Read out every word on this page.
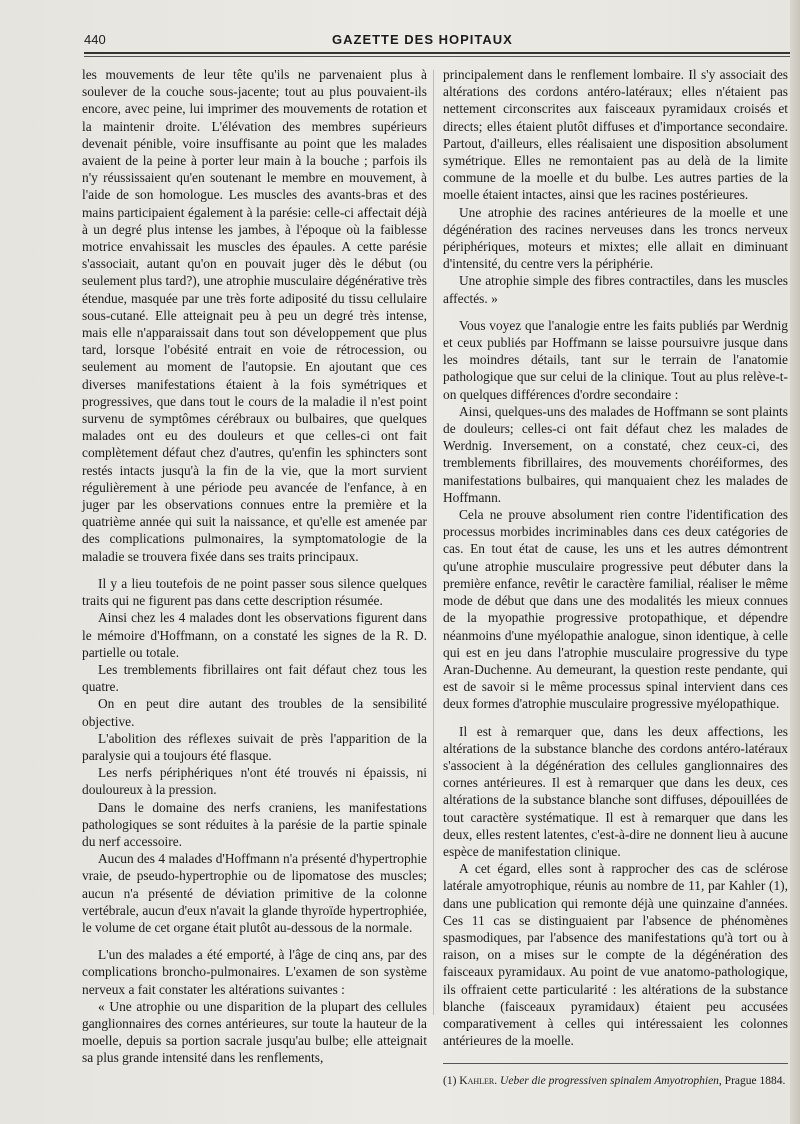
440	GAZETTE DES HOPITAUX

les mouvements de leur tête qu'ils ne parvenaient plus à soulever de la couche sous-jacente; tout au plus pouvaient-ils encore, avec peine, lui imprimer des mouvements de rotation et la maintenir droite. L'élévation des membres supérieurs devenait pénible, voire insuffisante au point que les malades avaient de la peine à porter leur main à la bouche ; parfois ils n'y réussissaient qu'en soutenant le membre en mouvement, à l'aide de son homologue. Les muscles des avants-bras et des mains participaient également à la parésie: celle-ci affectait déjà à un degré plus intense les jambes, à l'époque où la faiblesse motrice envahissait les muscles des épaules. A cette parésie s'associait, autant qu'on en pouvait juger dès le début (ou seulement plus tard?), une atrophie musculaire dégénérative très étendue, masquée par une très forte adiposité du tissu cellulaire sous-cutané. Elle atteignait peu à peu un degré très intense, mais elle n'apparaissait dans tout son développement que plus tard, lorsque l'obésité entrait en voie de rétrocession, ou seulement au moment de l'autopsie. En ajoutant que ces diverses manifestations étaient à la fois symétriques et progressives, que dans tout le cours de la maladie il n'est point survenu de symptômes cérébraux ou bulbaires, que quelques malades ont eu des douleurs et que celles-ci ont fait complètement défaut chez d'autres, qu'enfin les sphincters sont restés intacts jusqu'à la fin de la vie, que la mort survient régulièrement à une période peu avancée de l'enfance, à en juger par les observations connues entre la première et la quatrième année qui suit la naissance, et qu'elle est amenée par des complications pulmonaires, la symptomatologie de la maladie se trouvera fixée dans ses traits principaux.

Il y a lieu toutefois de ne point passer sous silence quelques traits qui ne figurent pas dans cette description résumée.

Ainsi chez les 4 malades dont les observations figurent dans le mémoire d'Hoffmann, on a constaté les signes de la R. D. partielle ou totale.

Les tremblements fibrillaires ont fait défaut chez tous les quatre.

On en peut dire autant des troubles de la sensibilité objective.

L'abolition des réflexes suivait de près l'apparition de la paralysie qui a toujours été flasque.

Les nerfs périphériques n'ont été trouvés ni épaissis, ni douloureux à la pression.

Dans le domaine des nerfs craniens, les manifestations pathologiques se sont réduites à la parésie de la partie spinale du nerf accessoire.

Aucun des 4 malades d'Hoffmann n'a présenté d'hypertrophie vraie, de pseudo-hypertrophie ou de lipomatose des muscles; aucun n'a présenté de déviation primitive de la colonne vertébrale, aucun d'eux n'avait la glande thyroïde hypertrophiée, le volume de cet organe était plutôt au-dessous de la normale.

L'un des malades a été emporté, à l'âge de cinq ans, par des complications broncho-pulmonaires. L'examen de son système nerveux a fait constater les altérations suivantes :

« Une atrophie ou une disparition de la plupart des cellules ganglionnaires des cornes antérieures, sur toute la hauteur de la moelle, depuis sa portion sacrale jusqu'au bulbe; elle atteignait sa plus grande intensité dans les renflements,

principalement dans le renflement lombaire. Il s'y associait des altérations des cordons antéro-latéraux; elles n'étaient pas nettement circonscrites aux faisceaux pyramidaux croisés et directs; elles étaient plutôt diffuses et d'importance secondaire. Partout, d'ailleurs, elles réalisaient une disposition absolument symétrique. Elles ne remontaient pas au delà de la limite commune de la moelle et du bulbe. Les autres parties de la moelle étaient intactes, ainsi que les racines postérieures.

Une atrophie des racines antérieures de la moelle et une dégénération des racines nerveuses dans les troncs nerveux périphériques, moteurs et mixtes; elle allait en diminuant d'intensité, du centre vers la périphérie.

Une atrophie simple des fibres contractiles, dans les muscles affectés. »

Vous voyez que l'analogie entre les faits publiés par Werdnig et ceux publiés par Hoffmann se laisse poursuivre jusque dans les moindres détails, tant sur le terrain de l'anatomie pathologique que sur celui de la clinique. Tout au plus relève-t-on quelques différences d'ordre secondaire :

Ainsi, quelques-uns des malades de Hoffmann se sont plaints de douleurs; celles-ci ont fait défaut chez les malades de Werdnig. Inversement, on a constaté, chez ceux-ci, des tremblements fibrillaires, des mouvements choréiformes, des manifestations bulbaires, qui manquaient chez les malades de Hoffmann.

Cela ne prouve absolument rien contre l'identification des processus morbides incriminables dans ces deux catégories de cas. En tout état de cause, les uns et les autres démontrent qu'une atrophie musculaire progressive peut débuter dans la première enfance, revêtir le caractère familial, réaliser le même mode de début que dans une des modalités les mieux connues de la myopathie progressive protopathique, et dépendre néanmoins d'une myélopathie analogue, sinon identique, à celle qui est en jeu dans l'atrophie musculaire progressive du type Aran-Duchenne. Au demeurant, la question reste pendante, qui est de savoir si le même processus spinal intervient dans ces deux formes d'atrophie musculaire progressive myélopathique.

Il est à remarquer que, dans les deux affections, les altérations de la substance blanche des cordons antéro-latéraux s'associent à la dégénération des cellules ganglionnaires des cornes antérieures. Il est à remarquer que dans les deux, ces altérations de la substance blanche sont diffuses, dépouillées de tout caractère systématique. Il est à remarquer que dans les deux, elles restent latentes, c'est-à-dire ne donnent lieu à aucune espèce de manifestation clinique.

A cet égard, elles sont à rapprocher des cas de sclérose latérale amyotrophique, réunis au nombre de 11, par Kahler (1), dans une publication qui remonte déjà une quinzaine d'années. Ces 11 cas se distinguaient par l'absence de phénomènes spasmodiques, par l'absence des manifestations qu'à tort ou à raison, on a mises sur le compte de la dégénération des faisceaux pyramidaux. Au point de vue anatomo-pathologique, ils offraient cette particularité : les altérations de la substance blanche (faisceaux pyramidaux) étaient peu accusées comparativement à celles qui intéressaient les colonnes antérieures de la moelle.

(1) Kahler. Ueber die progressiven spinalem Amyotrophien, Prague 1884.
